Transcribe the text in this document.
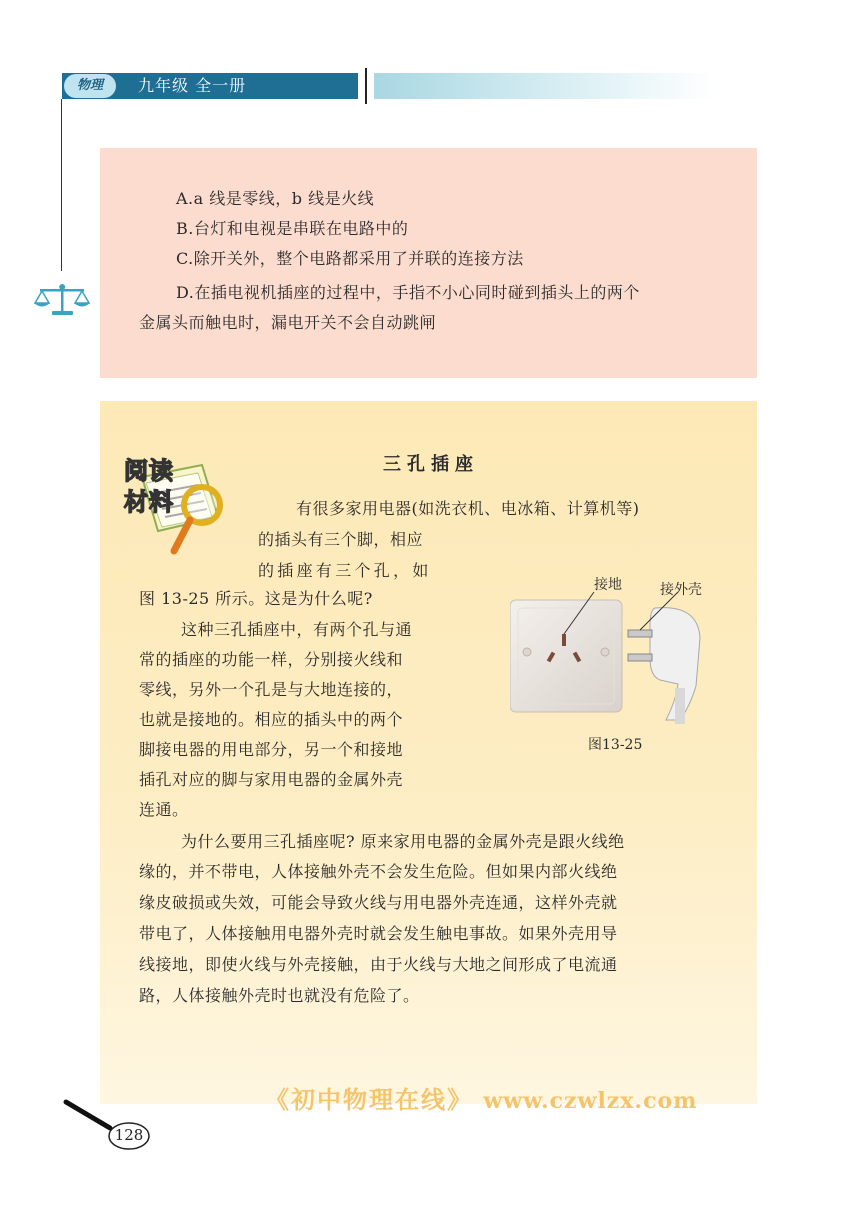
物理	九年级 全一册
A.a 线是零线，b 线是火线
B.台灯和电视是串联在电路中的
C.除开关外，整个电路都采用了并联的连接方法
D.在插电视机插座的过程中，手指不小心同时碰到插头上的两个
金属头而触电时，漏电开关不会自动跳闸
阅读
材料
三孔插座
有很多家用电器(如洗衣机、电冰箱、计算机等)
的插头有三个脚，相应
的插座有三个孔，如
图 13-25 所示。这是为什么呢?
这种三孔插座中，有两个孔与通
常的插座的功能一样，分别接火线和
零线，另外一个孔是与大地连接的，
也就是接地的。相应的插头中的两个
脚接电器的用电部分，另一个和接地
插孔对应的脚与家用电器的金属外壳
连通。
为什么要用三孔插座呢? 原来家用电器的金属外壳是跟火线绝
缘的，并不带电，人体接触外壳不会发生危险。但如果内部火线绝
缘皮破损或失效，可能会导致火线与用电器外壳连通，这样外壳就
带电了，人体接触用电器外壳时就会发生触电事故。如果外壳用导
线接地，即使火线与外壳接触，由于火线与大地之间形成了电流通
路，人体接触外壳时也就没有危险了。
接地	接外壳
图13-25
128
《初中物理在线》 www.czwlzx.com
